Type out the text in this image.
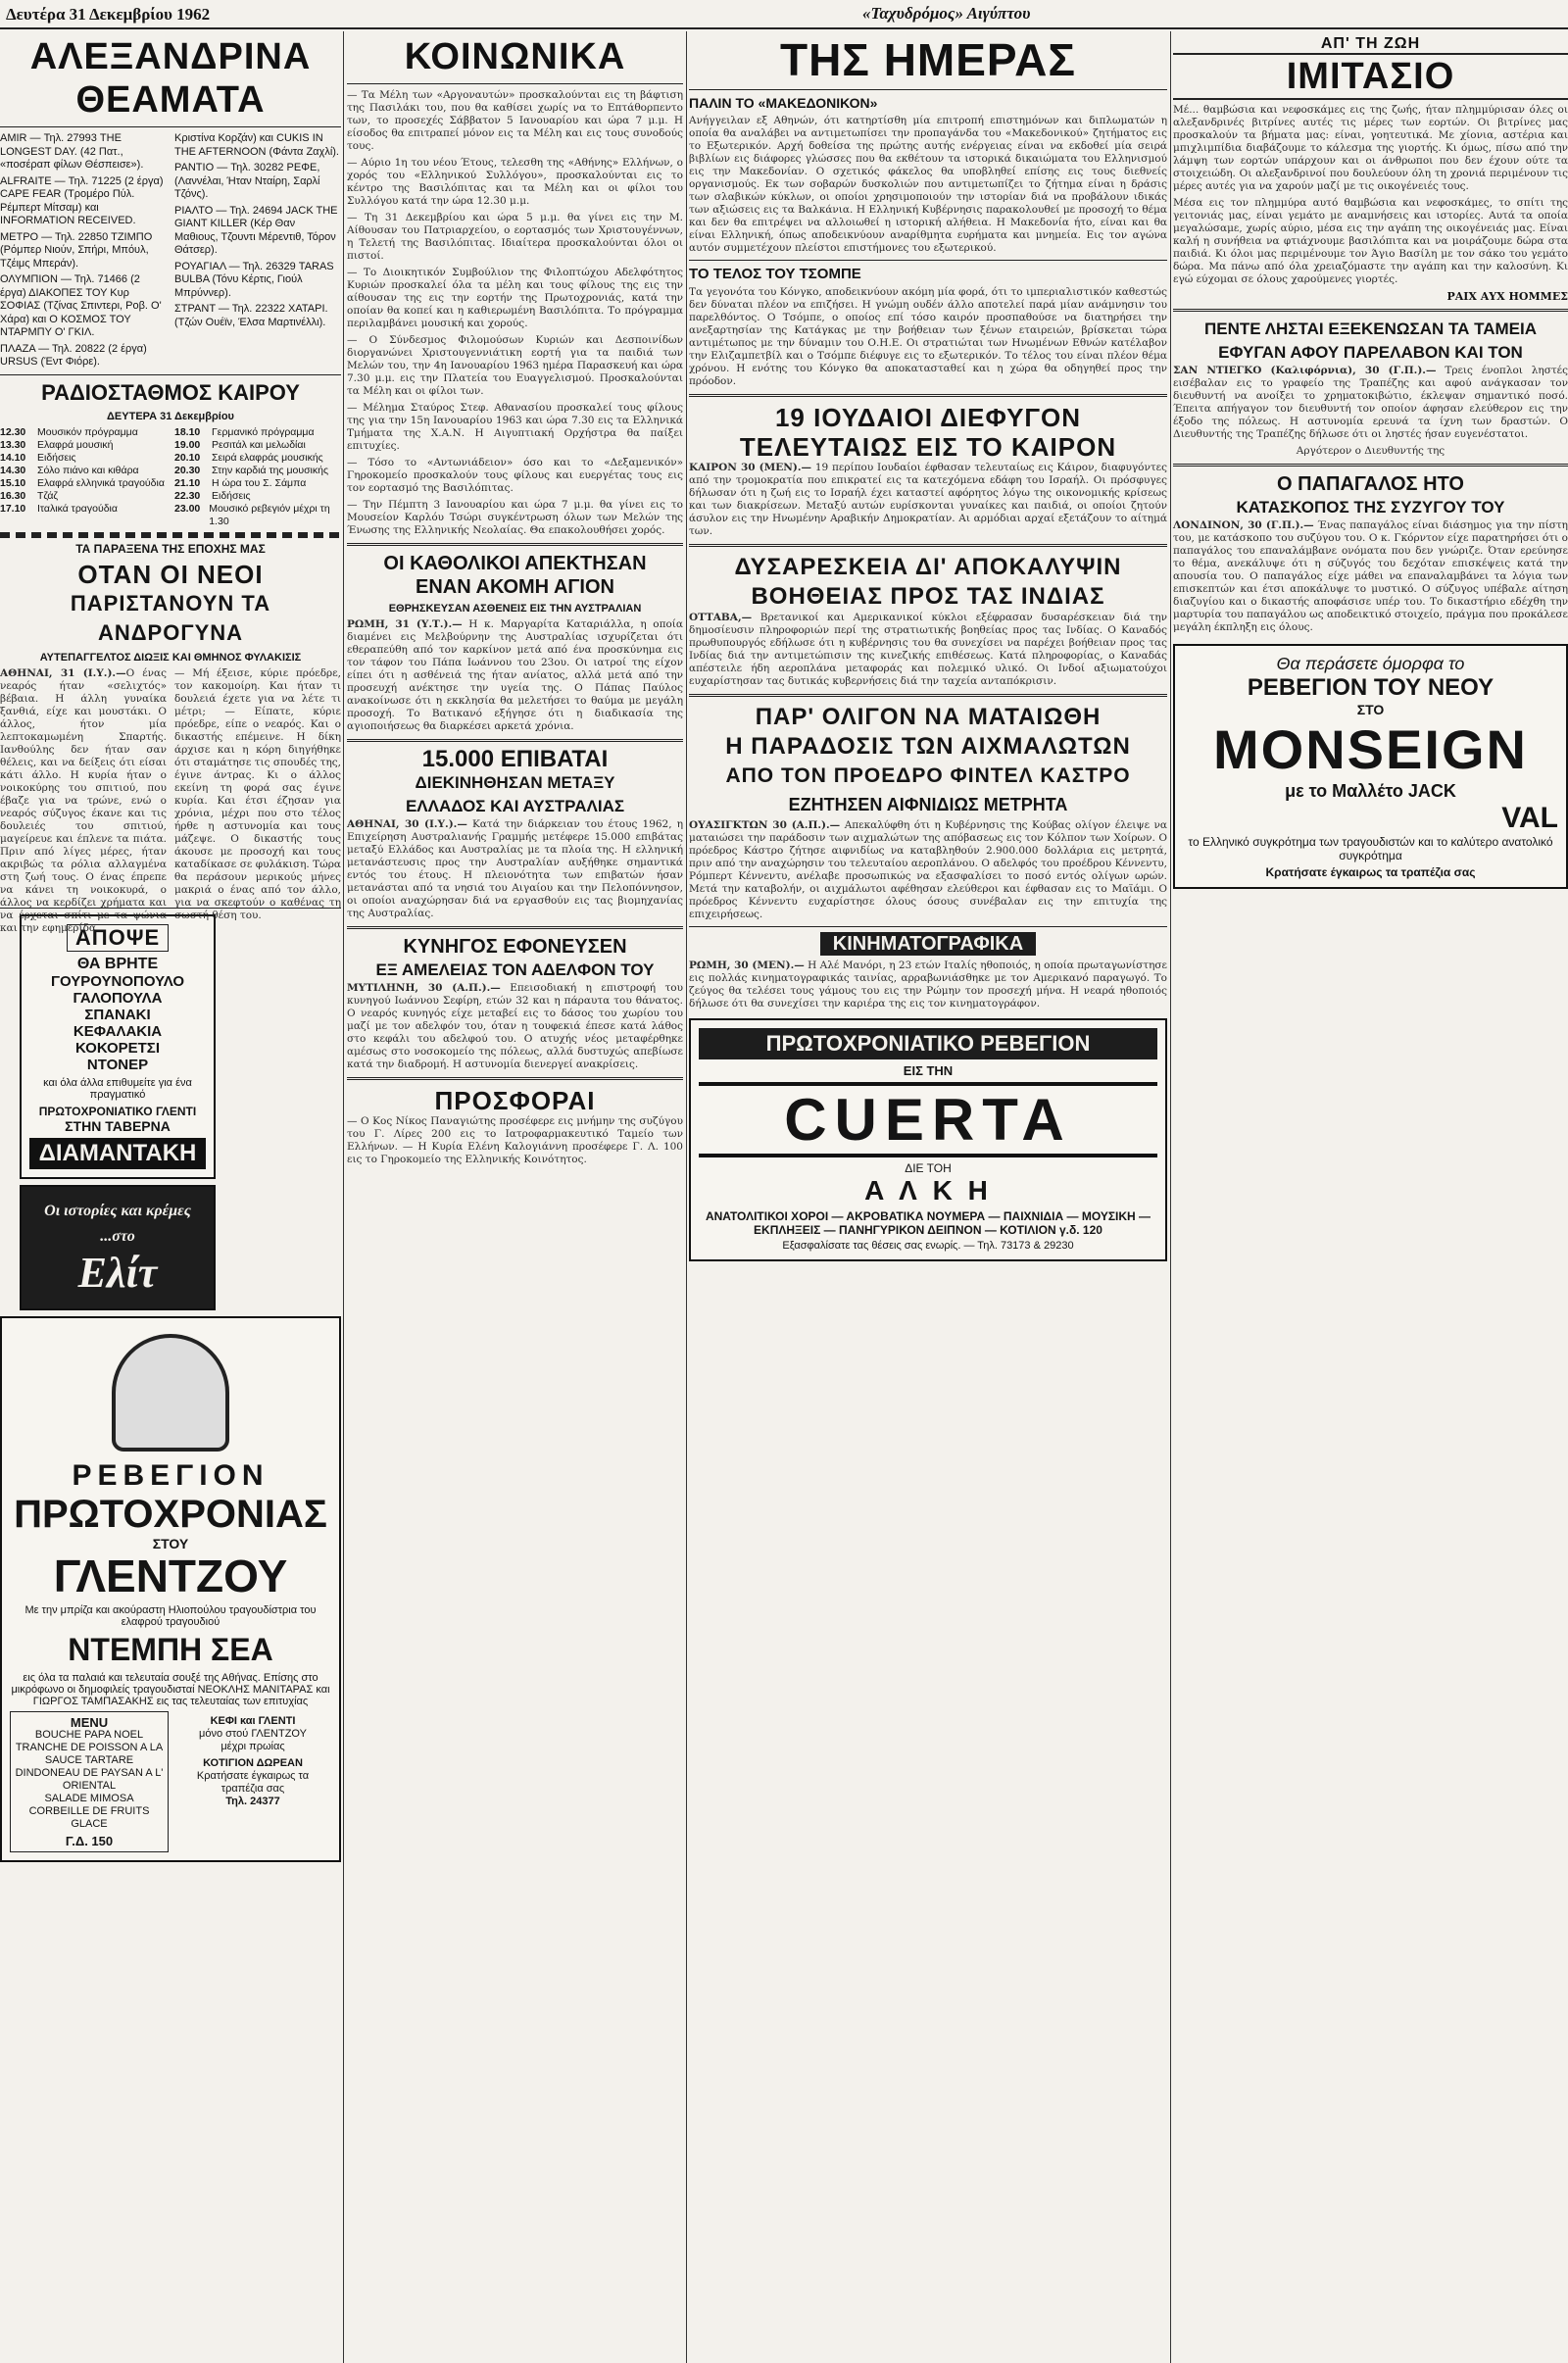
Δευτέρα 31 Δεκεμβρίου 1962	«Ταχυδρόμος» Αιγύπτου
ΑΛΕΞΑΝΔΡΙΝΑ ΘΕΑΜΑΤΑ

AMIR — Τηλ. 27993 THE LONGEST DAY. (42 Πατ., «ποσέραπ φίλων Θέσπεισε»).

ALFRAITE — Τηλ. 71225 (2 έργα) CAPE FEAR (Τρομέρο Πύλ. Ρέμπερτ Μίτσαμ) και INFORMATION RECEIVED.

ΜΕΤΡΟ — Τηλ. 22850 ΤΖΙΜΠΟ (Ρόμπερ Νιούν, Σπήρι, Μπόυλ, Τζέιμς Μπεράν).

ΟΛΥΜΠΙΟΝ — Τηλ. 71466 (2 έργα) ΔΙΑΚΟΠΕΣ ΤΟΥ Κυρ ΣΟΦΙΑΣ (Τζίνας Σπιντερι, Ροβ. Ο' Χάρα) και Ο ΚΟΣΜΟΣ ΤΟΥ ΝΤΑΡΜΠΥ Ο' ΓΚΙΛ.

ΠΛΑΖΑ — Τηλ. 20822 (2 έργα) URSUS (Έντ Φιόρε).

Κριστίνα Κορζάν) και CUKIS IN THE AFTERNOON (Φάντα Ζαχλί).

PANTIO — Τηλ. 30282 ΡΕΦΕ, (Λαννέλαι, Ήταν Νταίρη, Σαρλί Τζόνς).

ΡΙΑΛΤΟ — Τηλ. 24694 JACK THE GIANT KILLER (Κέρ Θαν Μαθιους, Τζουντι Μέρεντιθ, Τόρον Θάτσερ).

ΡΟΥΑΓΙΑΛ — Τηλ. 26329 TARAS BULBA (Τόνυ Κέρτις, Γιούλ Μπρύννερ).

ΣΤΡΑΝΤ — Τηλ. 22322 ΧΑΤΑΡΙ. (Τζών Ουέϊν, Έλσα Μαρτινέλλι).

ΡΑΔΙΟΣΤΑΘΜΟΣ ΚΑΙΡΟΥ
ΔΕΥΤΕΡΑ 31 Δεκεμβρίου
12.30	Μουσικόν πρόγραμμα
13.30	Ελαφρά μουσική
14.10	Ειδήσεις
14.30	Σόλο πιάνο και κιθάρα
15.10	Ελαφρά ελληνικά τραγούδια
16.30	Τζάζ
17.10	Ιταλικά τραγούδια
18.10	Γερμανικό πρόγραμμα
19.00	Ρεσιτάλ και μελωδίαι
20.10	Σειρά ελαφράς μουσικής
20.30	Στην καρδιά της μουσικής
21.10	Η ώρα του Σ. Σάμπα
22.30	Ειδήσεις
23.00 Μουσικό ρεβεγιόν μέχρι τη 1.30
ΤΑ ΠΑΡΑΞΕΝΑ ΤΗΣ ΕΠΟΧΗΣ ΜΑΣ
ΟΤΑΝ ΟΙ ΝΕΟΙ
ΠΑΡΙΣΤΑΝΟΥΝ ΤΑ ΑΝΔΡΟΓΥΝΑ
ΑΥΤΕΠΑΓΓΕΛΤΟΣ ΔΙΩΞΙΣ ΚΑΙ ΘΜΗΝΟΣ ΦΥΛΑΚΙΣΙΣ
ΑΘΗΝΑΙ, 31 (Ι.Υ.).—Ο ένας νεαρός ήταν «σελιχτός» βέβαια. Η άλλη γυναίκα ξανθιά, είχε και μουστάκι. Ο άλλος, ήτον μία λεπτοκαμωμένη Σπαρτής. Ιανθούλης δεν ήταν σαν θέλεις, και να δείξεις ότι είσαι κάτι άλλο. Η κυρία ήταν ο νοικοκύρης του σπιτιού, που έβαζε για να τρώνε, ενώ ο νεαρός σύζυγος έκανε και τις δουλειές του σπιτιού, μαγείρευε και έπλενε τα πιάτα. Πριν από λίγες μέρες, ήταν ακριβώς τα ρόλια αλλαγμένα στη ζωή τους. Ο ένας έπρεπε να κάνει τη νοικοκυρά, ο άλλος να κερδίζει χρήματα και να έρχεται σπίτι με τα ψώνια και την εφημερίδα.
— Μή έξεισε, κύριε πρόεδρε, τον κακομοίρη. Και ήταν τι δουλειά έχετε για να λέτε τι μέτρι; — Είπατε, κύριε πρόεδρε, είπε ο νεαρός. Και ο δικαστής επέμεινε. Η δίκη άρχισε και η κόρη διηγήθηκε ότι σταμάτησε τις σπουδές της, έγινε άντρας. Κι ο άλλος εκείνη τη φορά σας έγινε κυρία. Και έτσι έζησαν για χρόνια, μέχρι που στο τέλος ήρθε η αστυνομία και τους μάζεψε. Ο δικαστής τους άκουσε με προσοχή και τους καταδίκασε σε φυλάκιση. Τώρα θα περάσουν μερικούς μήνες μακριά ο ένας από τον άλλο, για να σκεφτούν ο καθένας τη σωστή θέση του.
ΑΠΟΨΕ
ΘΑ ΒΡΗΤΕ
ΓΟΥΡΟΥΝΟΠΟΥΛΟ
ΓΑΛΟΠΟΥΛΑ
ΣΠΑΝΑΚΙ
ΚΕΦΑΛΑΚΙΑ
ΚΟΚΟΡΕΤΣΙ
ΝΤΟΝΕΡ
και όλα άλλα επιθυμείτε για ένα πραγματικό
ΠΡΩΤΟΧΡΟΝΙΑΤΙΚΟ ΓΛΕΝΤΙ
ΣΤΗΝ ΤΑΒΕΡΝΑ
ΔΙΑΜΑΝΤΑΚΗ
Οι ιστορίες και κρέμες ...στο
Ελίτ
ΡΕΒΕΓΙΟΝ
ΠΡΩΤΟΧΡΟΝΙΑΣ
ΣΤΟΥ
ΓΛΕΝΤΖΟΥ
Με την μπρίζα και ακούραστη Ηλιοπούλου τραγουδίστρια του ελαφρού τραγουδιού
ΝΤΕΜΠΗ ΣΕΑ
εις όλα τα παλαιά και τελευταία σουξέ της Αθήνας. Επίσης στο μικρόφωνο οι δημοφιλείς τραγουδισταί ΝΕΟΚΛΗΣ ΜΑΝΙΤΑΡΑΣ και ΓΙΩΡΓΟΣ ΤΑΜΠΑΣΑΚΗΣ εις τας τελευταίας των επιτυχίας
MENU
BOUCHE PAPA NOEL
TRANCHE DE POISSON A LA SAUCE TARTARE
DINDONEAU DE PAYSAN A L' ORIENTAL
SALADE MIMOSA
CORBEILLE DE FRUITS GLACE
Γ.Δ. 150
ΚΕΦΙ και ΓΛΕΝΤΙ
μόνο στού ΓΛΕΝΤΖΟΥ
μέχρι πρωίας
ΚΟΤΙΓΙΟΝ ΔΩΡΕΑΝ
Κρατήσατε έγκαιρως τα τραπέζια σας
Τηλ. 24377
ΚΟΙΝΩΝΙΚΑ

— Τα Μέλη των «Αργοναυτών» προσκαλούνται εις τη βάφτιση της Πασιλάκι του, που θα καθίσει χωρίς να το Επτάθορπεντο των, το προσεχές Σάββατον 5 Ιανουαρίου και ώρα 7 μ.μ. Η είσοδος θα επιτραπεί μόνον εις τα Μέλη και εις τους συνοδούς τους.

— Αύριο 1η του νέου Έτους, τελεσθη της «Αθήνης» Ελλήνων, ο χορός του «Ελληνικού Συλλόγου», προσκαλούνται εις το κέντρο της Βασιλόπιτας και τα Μέλη και οι φίλοι του Συλλόγου κατά την ώρα 12.30 μ.μ.

— Τη 31 Δεκεμβρίου και ώρα 5 μ.μ. θα γίνει εις την Μ. Αίθουσαν του Πατριαρχείου, ο εορτασμός των Χριστουγέννων, η Τελετή της Βασιλόπιτας. Ιδιαίτερα προσκαλούνται όλοι οι πιστοί.

— Το Διοικητικόν Συμβούλιον της Φιλοπτώχου Αδελφότητος Κυριών προσκαλεί όλα τα μέλη και τους φίλους της εις την αίθουσαν της εις την εορτήν της Πρωτοχρονιάς, κατά την οποίαν θα κοπεί και η καθιερωμένη Βασιλόπιτα. Το πρόγραμμα περιλαμβάνει μουσική και χορούς.

— Ο Σύνδεσμος Φιλομούσων Κυριών και Δεσποινίδων διοργανώνει Χριστουγεννιάτικη εορτή για τα παιδιά των Μελών του, την 4η Ιανουαρίου 1963 ημέρα Παρασκευή και ώρα 7.30 μ.μ. εις την Πλατεία του Ευαγγελισμού. Προσκαλούνται τα Μέλη και οι φίλοι των.

— Μέλημα Σταύρος Στεφ. Αθανασίου προσκαλεί τους φίλους της για την 15η Ιανουαρίου 1963 και ώρα 7.30 εις τα Ελληνικά Τμήματα της Χ.Α.Ν. Η Αιγυπτιακή Ορχήστρα θα παίξει επιτυχίες.

— Τόσο το «Αντωνιάδειον» όσο και το «Δεξαμενικόν» Γηροκομείο προσκαλούν τους φίλους και ευεργέτας τους εις τον εορτασμό της Βασιλόπιτας.

— Την Πέμπτη 3 Ιανουαρίου και ώρα 7 μ.μ. θα γίνει εις το Μουσείον Καρλόυ Τσώρι συγκέντρωση όλων των Μελών της Ένωσης της Ελληνικής Νεολαίας. Θα επακολουθήσει χορός.

ΟΙ ΚΑΘΟΛΙΚΟΙ ΑΠΕΚΤΗΣΑΝ
ΕΝΑΝ ΑΚΟΜΗ ΑΓΙΟΝ
ΕΘΡΗΣΚΕΥΣΑΝ ΑΣΘΕΝΕΙΣ ΕΙΣ ΤΗΝ ΑΥΣΤΡΑΛΙΑΝ

ΡΩΜΗ, 31 (Υ.Τ.).— Η κ. Μαργαρίτα Καταριάλλα, η οποία διαμένει εις Μελβούρνην της Αυστραλίας ισχυρίζεται ότι εθεραπεύθη από τον καρκίνον μετά από ένα προσκύνημα εις τον τάφον του Πάπα Ιωάννου του 23ου. Οι ιατροί της είχον είπει ότι η ασθένειά της ήταν ανίατος, αλλά μετά από την προσευχή ανέκτησε την υγεία της. Ο Πάπας Παύλος ανακοίνωσε ότι η εκκλησία θα μελετήσει το θαύμα με μεγάλη προσοχή. Το Βατικανό εξήγησε ότι η διαδικασία της αγιοποιήσεως θα διαρκέσει αρκετά χρόνια.

15.000 ΕΠΙΒΑΤΑΙ
ΔΙΕΚΙΝΗΘΗΣΑΝ ΜΕΤΑΞΥ
ΕΛΛΑΔΟΣ ΚΑΙ ΑΥΣΤΡΑΛΙΑΣ

ΑΘΗΝΑΙ, 30 (Ι.Υ.).— Κατά την διάρκειαν του έτους 1962, η Επιχείρηση Αυστραλιανής Γραμμής μετέφερε 15.000 επιβάτας μεταξύ Ελλάδος και Αυστραλίας με τα πλοία της. Η ελληνική μετανάστευσις προς την Αυστραλίαν αυξήθηκε σημαντικά εντός του έτους. Η πλειονότητα των επιβατών ήσαν μετανάσται από τα νησιά του Αιγαίου και την Πελοπόννησον, οι οποίοι αναχώρησαν διά να εργασθούν εις τας βιομηχανίας της Αυστραλίας.

ΚΥΝΗΓΟΣ ΕΦΟΝΕΥΣΕΝ
ΕΞ ΑΜΕΛΕΙΑΣ ΤΟΝ ΑΔΕΛΦΟΝ ΤΟΥ

ΜΥΤΙΛΗΝΗ, 30 (Α.Π.).— Επεισοδιακή η επιστροφή του κυνηγού Ιωάννου Σεφίρη, ετών 32 και η πάραυτα του θάνατος. Ο νεαρός κυνηγός είχε μεταβεί εις το δάσος του χωρίου του μαζί με τον αδελφόν του, όταν η τουφεκιά έπεσε κατά λάθος στο κεφάλι του αδελφού του. Ο ατυχής νέος μεταφέρθηκε αμέσως στο νοσοκομείο της πόλεως, αλλά δυστυχώς απεβίωσε κατά την διαδρομή. Η αστυνομία διενεργεί ανακρίσεις.

ΠΡΟΣΦΟΡΑΙ

— Ο Κος Νίκος Παναγιώτης προσέφερε εις μνήμην της συζύγου του Γ. Λίρες 200 εις το Ιατροφαρμακευτικό Ταμείο των Ελλήνων. — Η Κυρία Ελένη Καλογιάννη προσέφερε Γ. Λ. 100 εις το Γηροκομείο της Ελληνικής Κοινότητος.

ΤΗΣ ΗΜΕΡΑΣ
ΠΑΛΙΝ ΤΟ «ΜΑΚΕΔΟΝΙΚΟΝ»

Ανήγγειλαν εξ Αθηνών, ότι κατηρτίσθη μία επιτροπή επιστημόνων και διπλωματών η οποία θα αναλάβει να αντιμετωπίσει την προπαγάνδα του «Μακεδονικού» ζητήματος εις το Εξωτερικόν. Αρχή δοθείσα της πρώτης αυτής ενέργειας είναι να εκδοθεί μία σειρά βιβλίων εις διάφορες γλώσσες που θα εκθέτουν τα ιστορικά δικαιώματα του Ελληνισμού εις την Μακεδονίαν. Ο σχετικός φάκελος θα υποβληθεί επίσης εις τους διεθνείς οργανισμούς. Εκ των σοβαρών δυσκολιών που αντιμετωπίζει το ζήτημα είναι η δράσις των σλαβικών κύκλων, οι οποίοι χρησιμοποιούν την ιστορίαν διά να προβάλουν ιδικάς των αξιώσεις εις τα Βαλκάνια. Η Ελληνική Κυβέρνησις παρακολουθεί με προσοχή το θέμα και δεν θα επιτρέψει να αλλοιωθεί η ιστορική αλήθεια. Η Μακεδονία ήτο, είναι και θα είναι Ελληνική, όπως αποδεικνύουν αναρίθμητα ευρήματα και μνημεία. Εις τον αγώνα αυτόν συμμετέχουν πλείστοι επιστήμονες του εξωτερικού.

ΤΟ ΤΕΛΟΣ ΤΟΥ ΤΣΟΜΠΕ

Τα γεγονότα του Κόνγκο, αποδεικνύουν ακόμη μία φορά, ότι το ιμπεριαλιστικόν καθεστώς δεν δύναται πλέον να επιζήσει. Η γνώμη ουδέν άλλο αποτελεί παρά μίαν ανάμνησιν του παρελθόντος. Ο Τσόμπε, ο οποίος επί τόσο καιρόν προσπαθούσε να διατηρήσει την ανεξαρτησίαν της Κατάγκας με την βοήθειαν των ξένων εταιρειών, βρίσκεται τώρα αντιμέτωπος με την δύναμιν του Ο.Η.Ε. Οι στρατιώται των Ηνωμένων Εθνών κατέλαβον την Ελιζαμπετβίλ και ο Τσόμπε διέφυγε εις το εξωτερικόν. Το τέλος του είναι πλέον θέμα χρόνου. Η ενότης του Κόνγκο θα αποκατασταθεί και η χώρα θα οδηγηθεί προς την πρόοδον.

19 ΙΟΥΔΑΙΟΙ ΔΙΕΦΥΓΟΝ
ΤΕΛΕΥΤΑΙΩΣ ΕΙΣ ΤΟ ΚΑΙΡΟΝ

ΚΑΙΡΟΝ 30 (ΜΕΝ).— 19 περίπου Ιουδαίοι έφθασαν τελευταίως εις Κάιρον, διαφυγόντες από την τρομοκρατία που επικρατεί εις τα κατεχόμενα εδάφη του Ισραήλ. Οι πρόσφυγες δήλωσαν ότι η ζωή εις το Ισραήλ έχει καταστεί αφόρητος λόγω της οικονομικής κρίσεως και των διακρίσεων. Μεταξύ αυτών ευρίσκονται γυναίκες και παιδιά, οι οποίοι ζητούν άσυλον εις την Ηνωμένην Αραβικήν Δημοκρατίαν. Αι αρμόδιαι αρχαί εξετάζουν το αίτημά των.

ΔΥΣΑΡΕΣΚΕΙΑ ΔΙ' ΑΠΟΚΑΛΥΨΙΝ
ΒΟΗΘΕΙΑΣ ΠΡΟΣ ΤΑΣ ΙΝΔΙΑΣ

ΟΤΤΑΒΑ,— Βρετανικοί και Αμερικανικοί κύκλοι εξέφρασαν δυσαρέσκειαν διά την δημοσίευσιν πληροφοριών περί της στρατιωτικής βοηθείας προς τας Ινδίας. Ο Καναδός πρωθυπουργός εδήλωσε ότι η κυβέρνησις του θα συνεχίσει να παρέχει βοήθειαν προς τας Ινδίας διά την αντιμετώπισιν της κινεζικής επιθέσεως. Κατά πληροφορίας, ο Καναδάς απέστειλε ήδη αεροπλάνα μεταφοράς και πολεμικό υλικό. Οι Ινδοί αξιωματούχοι ευχαρίστησαν τας δυτικάς κυβερνήσεις διά την ταχεία ανταπόκρισιν.

ΠΑΡ' ΟΛΙΓΟΝ ΝΑ ΜΑΤΑΙΩΘΗ
Η ΠΑΡΑΔΟΣΙΣ ΤΩΝ ΑΙΧΜΑΛΩΤΩΝ
ΑΠΟ ΤΟΝ ΠΡΟΕΔΡΟ ΦΙΝΤΕΛ ΚΑΣΤΡΟ
ΕΖΗΤΗΣΕΝ ΑΙΦΝΙΔΙΩΣ ΜΕΤΡΗΤΑ

ΟΥΑΣΙΓΚΤΩΝ 30 (Α.Π.).— Απεκαλύφθη ότι η Κυβέρνησις της Κούβας ολίγον έλειψε να ματαιώσει την παράδοσιν των αιχμαλώτων της απόβασεως εις τον Κόλπον των Χοίρων. Ο πρόεδρος Κάστρο ζήτησε αιφνιδίως να καταβληθούν 2.900.000 δολλάρια εις μετρητά, πριν από την αναχώρησιν του τελευταίου αεροπλάνου. Ο αδελφός του προέδρου Κέννεντυ, Ρόμπερτ Κέννεντυ, ανέλαβε προσωπικώς να εξασφαλίσει το ποσό εντός ολίγων ωρών. Μετά την καταβολήν, οι αιχμάλωτοι αφέθησαν ελεύθεροι και έφθασαν εις το Μαϊάμι. Ο πρόεδρος Κέννεντυ ευχαρίστησε όλους όσους συνέβαλαν εις την επιτυχία της επιχειρήσεως.

ΚΙΝΗΜΑΤΟΓΡΑΦΙΚΑ

ΡΩΜΗ, 30 (ΜΕΝ).— Η Αλέ Μανόρι, η 23 ετών Ιταλίς ηθοποιός, η οποία πρωταγωνίστησε εις πολλάς κινηματογραφικάς ταινίας, αρραβωνιάσθηκε με τον Αμερικανό παραγωγό. Το ζεύγος θα τελέσει τους γάμους του εις την Ρώμην τον προσεχή μήνα. Η νεαρά ηθοποιός δήλωσε ότι θα συνεχίσει την καριέρα της εις τον κινηματογράφον.

ΠΡΩΤΟΧΡΟΝΙΑΤΙΚΟ ΡΕΒΕΓΙΟΝ
ΕΙΣ ΤΗΝ
CUERTA
ΔΙΕ ΤΟΗ
Α Λ Κ Η
ΑΝΑΤΟΛΙΤΙΚΟΙ ΧΟΡΟΙ — ΑΚΡΟΒΑΤΙΚΑ ΝΟΥΜΕΡΑ — ΠΑΙΧΝΙΔΙΑ — ΜΟΥΣΙΚΗ — ΕΚΠΛΗΞΕΙΣ — ΠΑΝΗΓΥΡΙΚΟΝ ΔΕΙΠΝΟΝ — ΚΟΤΙΛΙΟΝ γ.δ. 120
Εξασφαλίσατε τας θέσεις σας ενωρίς. — Τηλ. 73173 & 29230
ΑΠ' ΤΗ ΖΩΗ
ΙΜΙΤΑΣΙΟ

Μέ... θαμβώσια και νεφοσκάμες εις της ζωής, ήταν πλημμύρισαν όλες οι αλεξανδρινές βιτρίνες αυτές τις μέρες των εορτών. Οι βιτρίνες μας προσκαλούν τα βήματα μας: είναι, γοητευτικά. Με χίονια, αστέρια και μπιχλιμπίδια διαβάζουμε το κάλεσμα της γιορτής. Κι όμως, πίσω από την λάμψη των εορτών υπάρχουν και οι άνθρωποι που δεν έχουν ούτε τα στοιχειώδη. Οι αλεξανδρινοί που δουλεύουν όλη τη χρονιά περιμένουν τις μέρες αυτές για να χαρούν μαζί με τις οικογένειές τους.

Μέσα εις τον πλημμύρα αυτό θαμβώσια και νεφοσκάμες, το σπίτι της γειτονιάς μας, είναι γεμάτο με αναμνήσεις και ιστορίες. Αυτά τα οποία μεγαλώσαμε, χωρίς αύριο, μέσα εις την αγάπη της οικογένειάς μας. Είναι καλή η συνήθεια να φτιάχνουμε βασιλόπιτα και να μοιράζουμε δώρα στα παιδιά. Κι όλοι μας περιμένουμε τον Άγιο Βασίλη με τον σάκο του γεμάτο δώρα. Μα πάνω από όλα χρειαζόμαστε την αγάπη και την καλοσύνη. Κι εγώ εύχομαι σε όλους χαρούμενες γιορτές.

ΡΑΙΧ ΑΥΧ ΗΟΜΜΕΣ
ΠΕΝΤΕ ΛΗΣΤΑΙ ΕΞΕΚΕΝΩΣΑΝ ΤΑ ΤΑΜΕΙΑ
ΕΦΥΓΑΝ ΑΦΟΥ ΠΑΡΕΛΑΒΟΝ ΚΑΙ ΤΟΝ

ΣΑΝ ΝΤΙΕΓΚΟ (Καλιφόρνια), 30 (Γ.Π.).— Τρεις ένοπλοι ληστές εισέβαλαν εις το γραφείο της Τραπέζης και αφού ανάγκασαν τον διευθυντή να ανοίξει το χρηματοκιβώτιο, έκλεψαν σημαντικό ποσό. Έπειτα απήγαγον τον διευθυντή τον οποίον άφησαν ελεύθερον εις την έξοδο της πόλεως. Η αστυνομία ερευνά τα ίχνη των δραστών. Ο Διευθυντής της Τραπέζης δήλωσε ότι οι ληστές ήσαν ευγενέστατοι.

Αργότερον ο Διευθυντής της

Ο ΠΑΠΑΓΑΛΟΣ ΗΤΟ
ΚΑΤΑΣΚΟΠΟΣ ΤΗΣ ΣΥΖΥΓΟΥ ΤΟΥ

ΛΟΝΔΙΝΟΝ, 30 (Γ.Π.).— Ένας παπαγάλος είναι διάσημος για την πίστη του, με κατάσκοπο του συζύγου του. Ο κ. Γκόρντον είχε παρατηρήσει ότι ο παπαγάλος του επαναλάμβανε ονόματα που δεν γνώριζε. Όταν ερεύνησε το θέμα, ανεκάλυψε ότι η σύζυγός του δεχόταν επισκέψεις κατά την απουσία του. Ο παπαγάλος είχε μάθει να επαναλαμβάνει τα λόγια των επισκεπτών και έτσι αποκάλυψε το μυστικό. Ο σύζυγος υπέβαλε αίτηση διαζυγίου και ο δικαστής αποφάσισε υπέρ του. Το δικαστήριο εδέχθη την μαρτυρία του παπαγάλου ως αποδεικτικό στοιχείο, πράγμα που προκάλεσε μεγάλη έκπληξη εις όλους.

Θα περάσετε όμορφα το
ΡΕΒΕΓΙΟΝ ΤΟΥ ΝΕΟΥ
ΣΤΟ
MONSEIGN
με το Μαλλέτο JACK
VAL
το Ελληνικό συγκρότημα των τραγουδιστών και το καλύτερο ανατολικό συγκρότημα
Κρατήσατε έγκαιρως τα τραπέζια σας
